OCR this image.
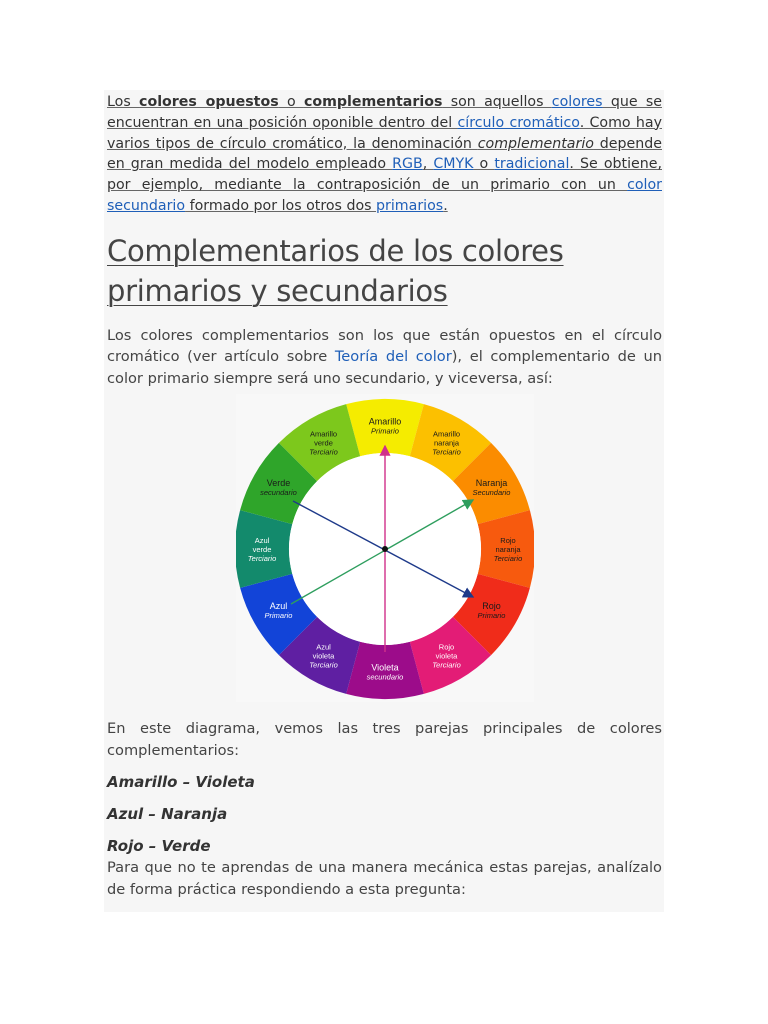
Los colores opuestos o complementarios son aquellos colores que se encuentran en una posición oponible dentro del círculo cromático. Como hay varios tipos de círculo cromático, la denominación complementario depende en gran medida del modelo empleado RGB, CMYK o tradicional. Se obtiene, por ejemplo, mediante la contraposición de un primario con un color secundario formado por los otros dos primarios.

Complementarios de los colores primarios y secundarios

Los colores complementarios son los que están opuestos en el círculo cromático (ver artículo sobre Teoría del color), el complementario de un color primario siempre será uno secundario, y viceversa, así:

Amarillo
Primario	Amarillo
naranja
Terciario
Naranja
Secundario
Rojo
naranja
Terciario
Rojo
Primario
Rojo
violeta
Terciario
Violeta
secundario
Azul
violeta
Terciario
Azul
Primario
Azul
verde
Terciario
Verde
secundario
Amarillo
verde
Terciario

En este diagrama, vemos las tres parejas principales de colores complementarios:

Amarillo – Violeta

Azul – Naranja

Rojo – Verde

Para que no te aprendas de una manera mecánica estas parejas, analízalo de forma práctica respondiendo a esta pregunta:
